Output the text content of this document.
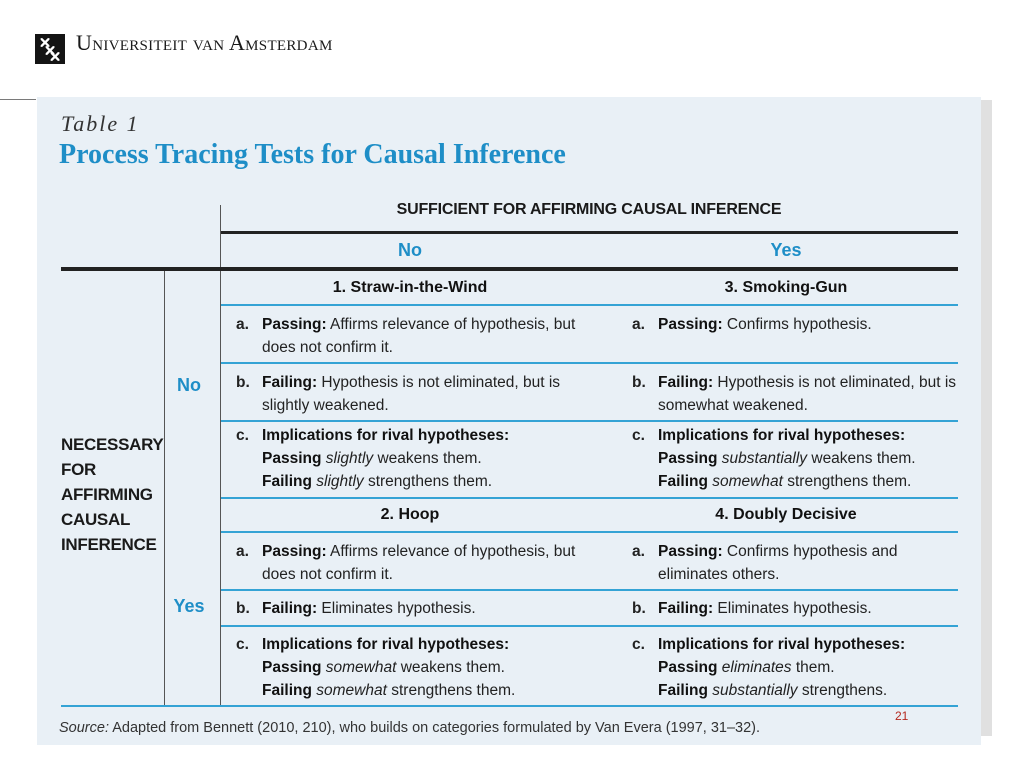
Universiteit van Amsterdam
Table 1
Process Tracing Tests for Causal Inference
SUFFICIENT FOR AFFIRMING CAUSAL INFERENCE
No	Yes
NECESSARY
FOR
AFFIRMING
CAUSAL
INFERENCE
No
Yes
1. Straw-in-the-Wind
a. Passing: Affirms relevance of hypothesis, but does not confirm it.
b. Failing: Hypothesis is not eliminated, but is slightly weakened.
c. Implications for rival hypotheses:
Passing slightly weakens them.
Failing slightly strengthens them.
3. Smoking-Gun
a. Passing: Confirms hypothesis.
b. Failing: Hypothesis is not eliminated, but is somewhat weakened.
c. Implications for rival hypotheses:
Passing substantially weakens them.
Failing somewhat strengthens them.
2. Hoop
a. Passing: Affirms relevance of hypothesis, but does not confirm it.
b. Failing: Eliminates hypothesis.
c. Implications for rival hypotheses:
Passing somewhat weakens them.
Failing somewhat strengthens them.
4. Doubly Decisive
a. Passing: Confirms hypothesis and eliminates others.
b. Failing: Eliminates hypothesis.
c. Implications for rival hypotheses:
Passing eliminates them.
Failing substantially strengthens.
Source: Adapted from Bennett (2010, 210), who builds on categories formulated by Van Evera (1997, 31–32).
21
